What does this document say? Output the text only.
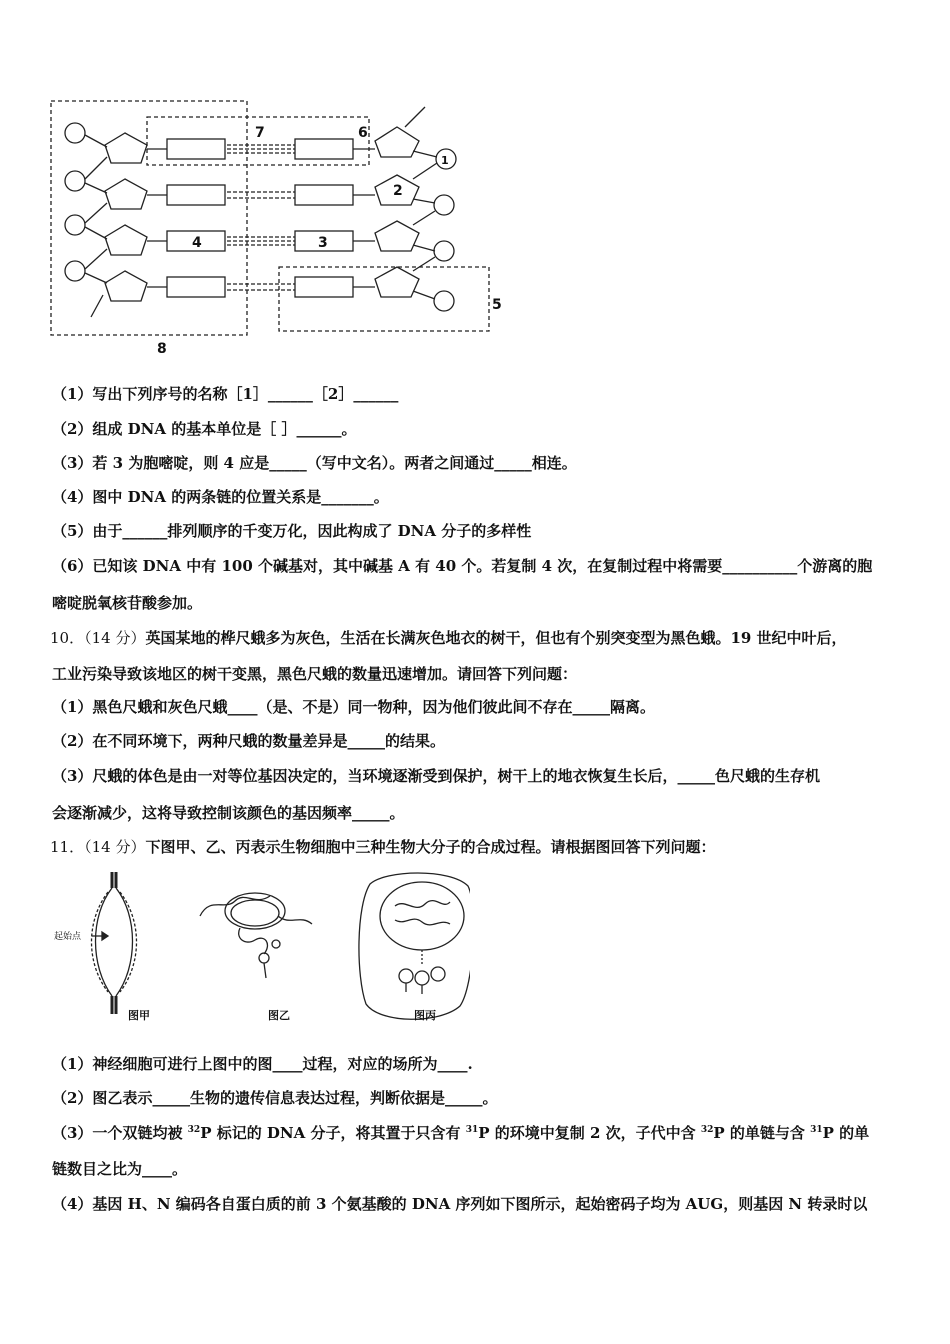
7	6
1
2
4	3
5
8
（1）写出下列序号的名称［1］______［2］______
（2）组成 DNA 的基本单位是［ ］______。
（3）若 3 为胞嘧啶，则 4 应是_____（写中文名）。两者之间通过_____相连。
（4）图中 DNA 的两条链的位置关系是_______。
（5）由于______排列顺序的千变万化，因此构成了 DNA 分子的多样性
（6）已知该 DNA 中有 100 个碱基对，其中碱基 A 有 40 个。若复制 4 次，在复制过程中将需要__________个游离的胞
嘧啶脱氧核苷酸参加。
10．（14 分）英国某地的桦尺蛾多为灰色，生活在长满灰色地衣的树干，但也有个别突变型为黑色蛾。19 世纪中叶后，
工业污染导致该地区的树干变黑，黑色尺蛾的数量迅速增加。请回答下列问题：
（1）黑色尺蛾和灰色尺蛾____（是、不是）同一物种，因为他们彼此间不存在_____隔离。
（2）在不同环境下，两种尺蛾的数量差异是_____的结果。
（3）尺蛾的体色是由一对等位基因决定的，当环境逐渐受到保护，树干上的地衣恢复生长后，_____色尺蛾的生存机
会逐渐减少，这将导致控制该颜色的基因频率_____。
11．（14 分）下图甲、乙、丙表示生物细胞中三种生物大分子的合成过程。请根据图回答下列问题：
起始点
图甲	图乙	图丙
（1）神经细胞可进行上图中的图____过程，对应的场所为____.
（2）图乙表示_____生物的遗传信息表达过程，判断依据是_____。
（3）一个双链均被 $^{32}$P 标记的 DNA 分子，将其置于只含有 $^{31}$P 的环境中复制 2 次，子代中含 $^{32}$P 的单链与含 $^{31}$P 的单
链数目之比为____。
（4）基因 H、N 编码各自蛋白质的前 3 个氨基酸的 DNA 序列如下图所示，起始密码子均为 AUG，则基因 N 转录时以
